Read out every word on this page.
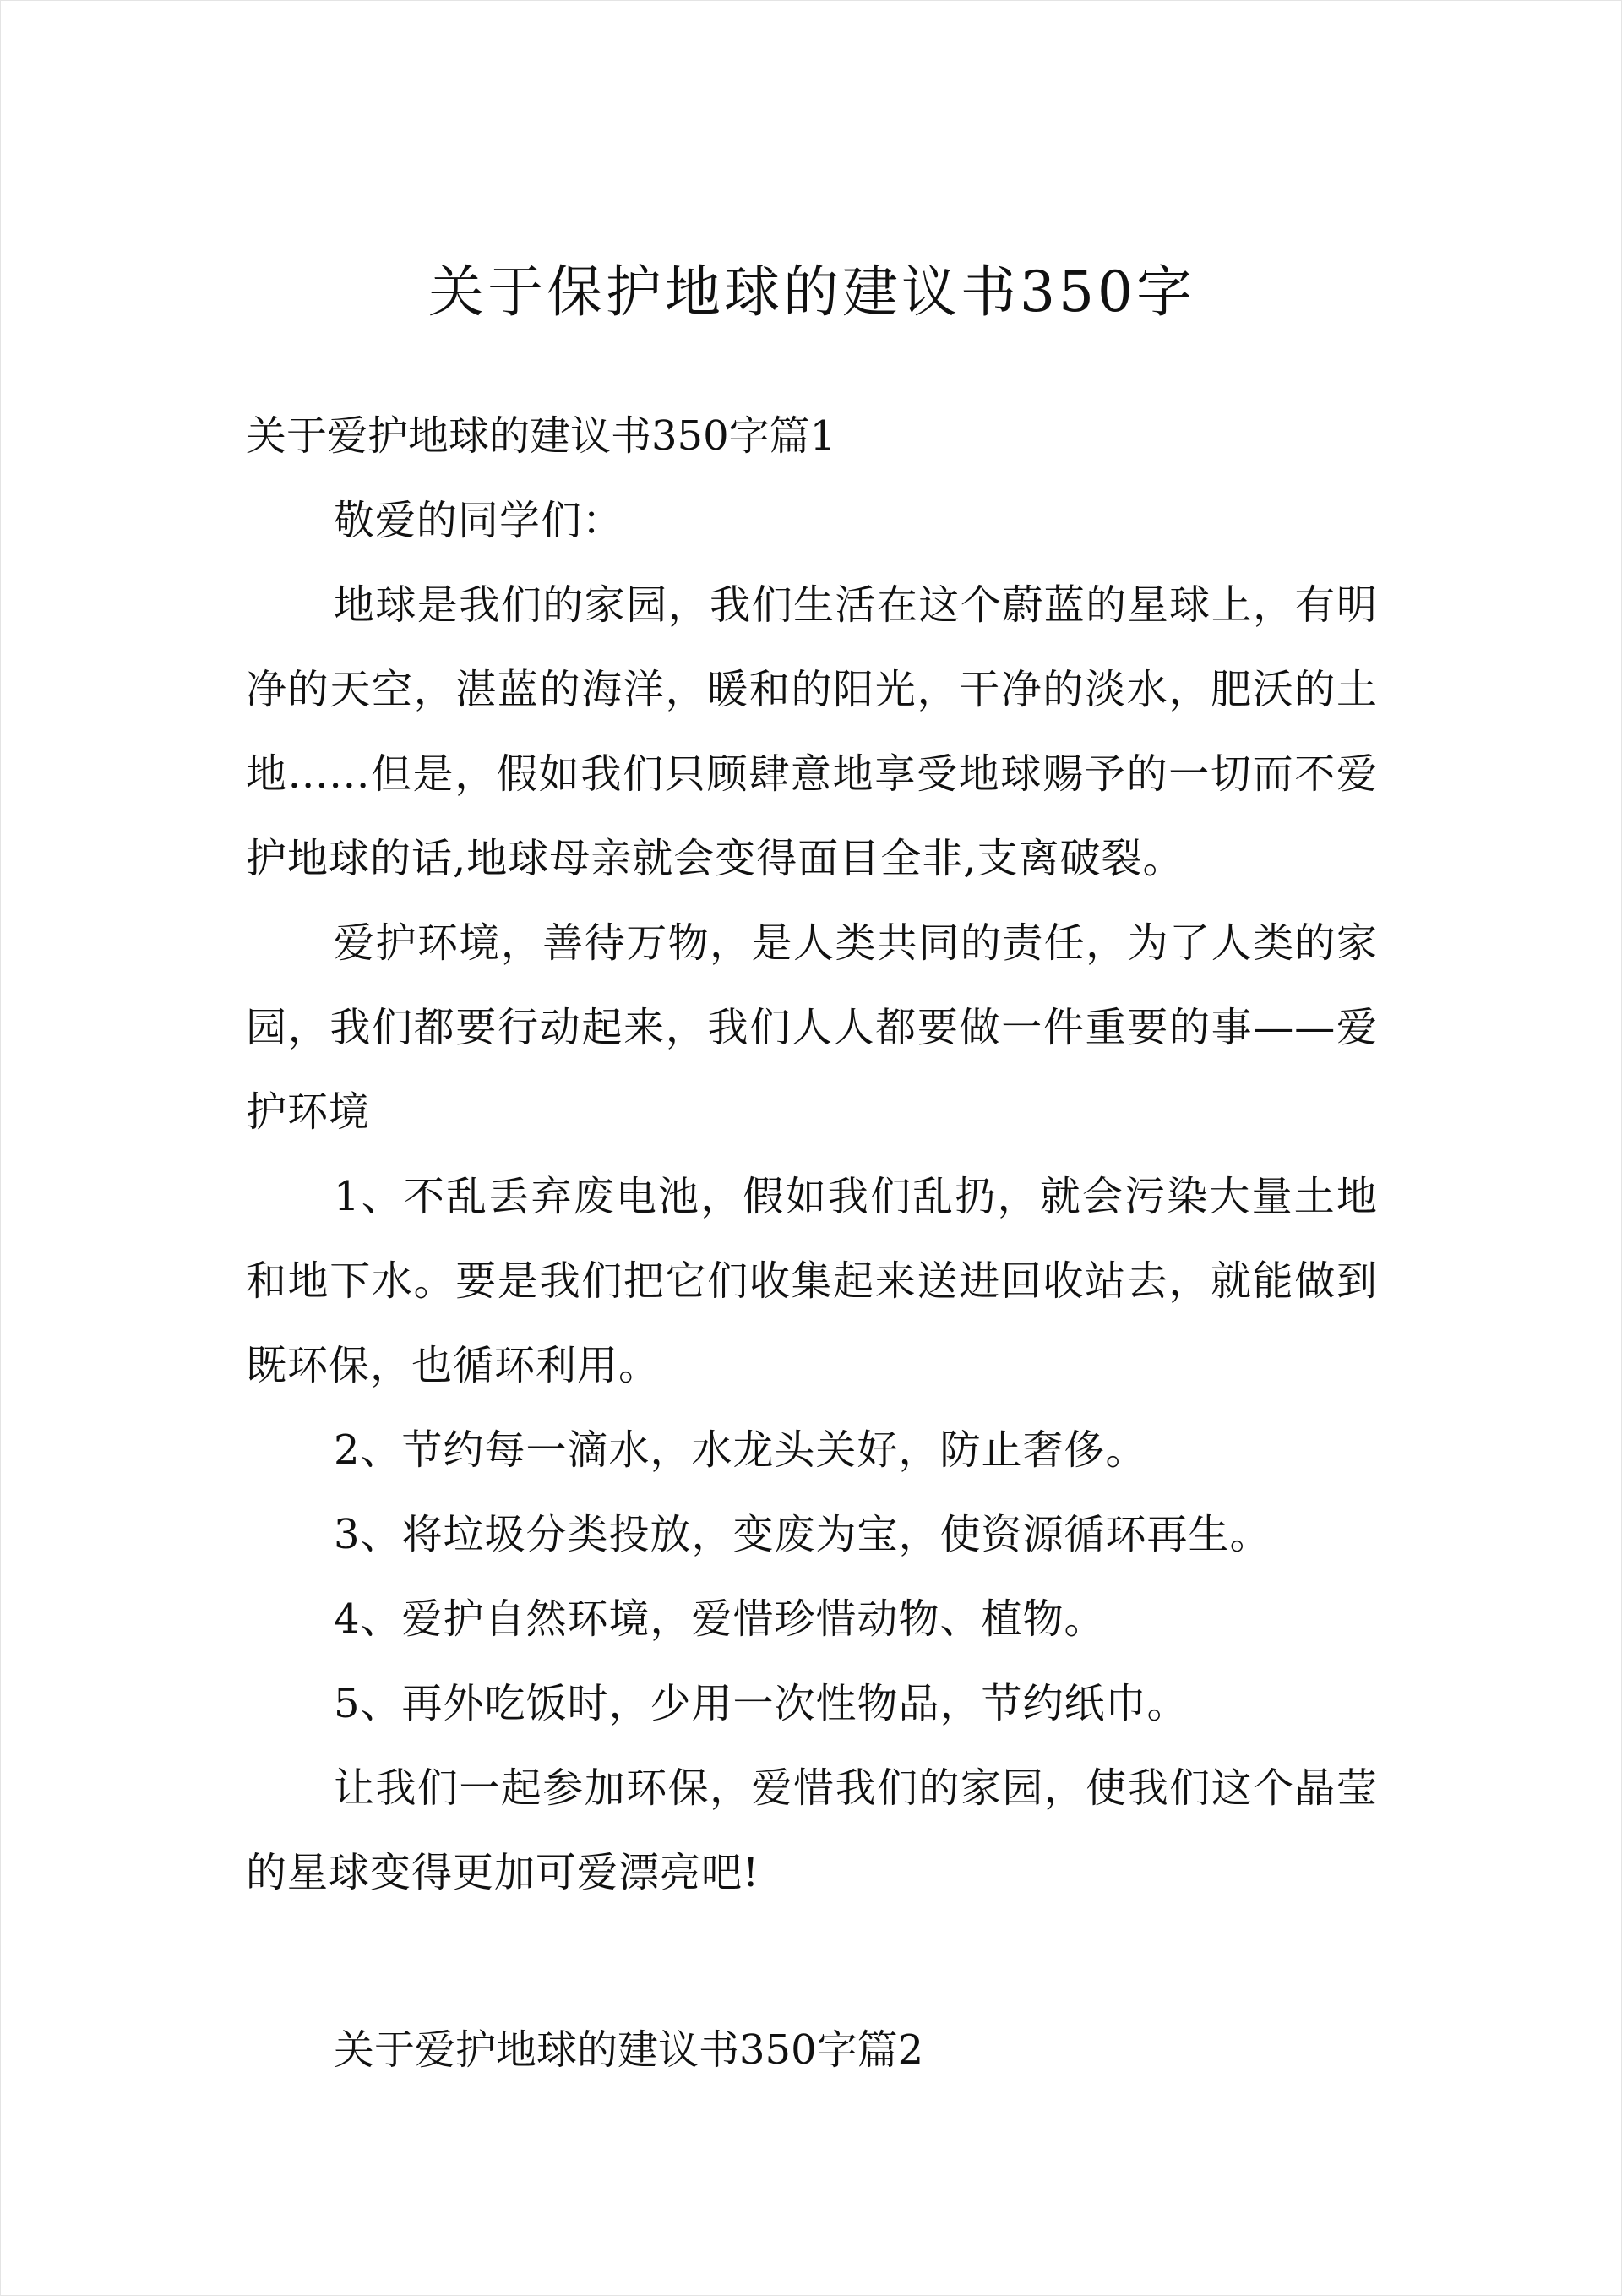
关于保护地球的建议书350字

关于爱护地球的建议书350字篇1

敬爱的同学们：

地球是我们的家园，我们生活在这个蔚蓝的星球上，有明净的天空，湛蓝的海洋，暖和的阳光，干净的淡水，肥沃的土地......但是，假如我们只顾肆意地享受地球赐予的一切而不爱护地球的话,地球母亲就会变得面目全非,支离破裂。

爱护环境，善待万物，是人类共同的责任，为了人类的家园，我们都要行动起来，我们人人都要做一件重要的事——爱护环境

1、不乱丢弃废电池，假如我们乱扔，就会污染大量土地和地下水。要是我们把它们收集起来送进回收站去，就能做到既环保，也循环利用。

2、节约每一滴水，水龙头关好，防止奢侈。

3、将垃圾分类投放，变废为宝，使资源循环再生。

4、爱护自然环境，爱惜珍惜动物、植物。

5、再外吃饭时，少用一次性物品，节约纸巾。

让我们一起参加环保，爱惜我们的家园，使我们这个晶莹的星球变得更加可爱漂亮吧!

关于爱护地球的建议书350字篇2
